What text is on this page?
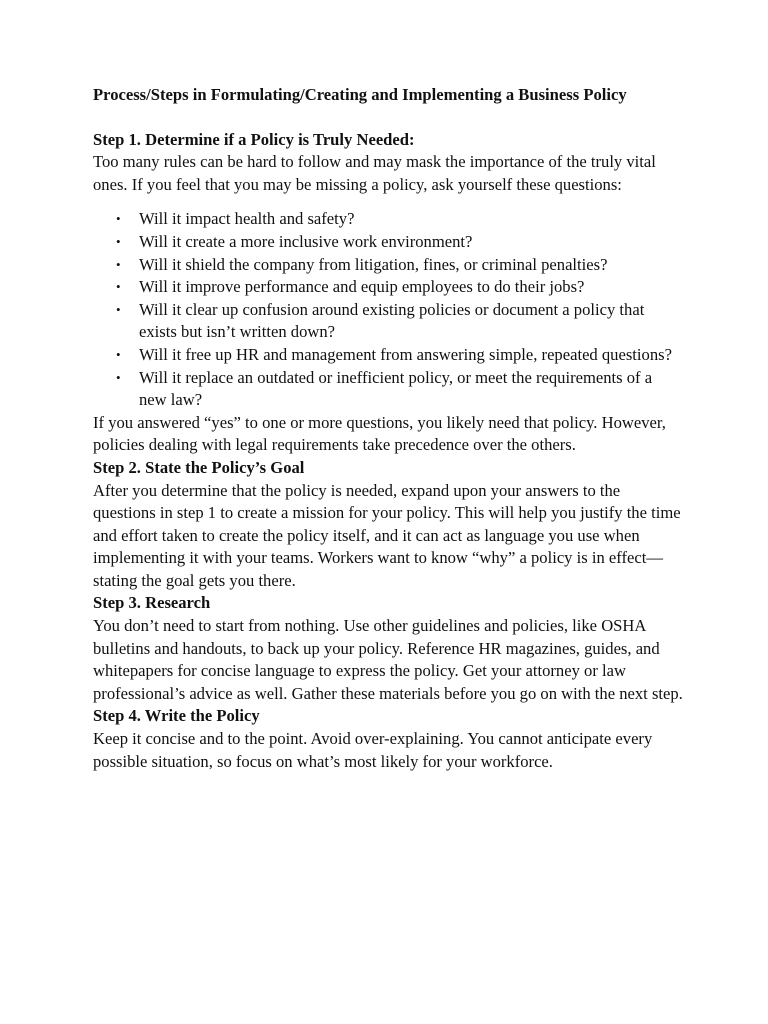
Process/Steps in Formulating/Creating and Implementing a Business Policy

Step 1. Determine if a Policy is Truly Needed:

Too many rules can be hard to follow and may mask the importance of the truly vital ones. If you feel that you may be missing a policy, ask yourself these questions:

• Will it impact health and safety?
• Will it create a more inclusive work environment?
• Will it shield the company from litigation, fines, or criminal penalties?
• Will it improve performance and equip employees to do their jobs?
• Will it clear up confusion around existing policies or document a policy that exists but isn’t written down?
• Will it free up HR and management from answering simple, repeated questions?
• Will it replace an outdated or inefficient policy, or meet the requirements of a new law?

If you answered “yes” to one or more questions, you likely need that policy. However, policies dealing with legal requirements take precedence over the others.

Step 2. State the Policy’s Goal

After you determine that the policy is needed, expand upon your answers to the questions in step 1 to create a mission for your policy. This will help you justify the time and effort taken to create the policy itself, and it can act as language you use when implementing it with your teams. Workers want to know “why” a policy is in effect—stating the goal gets you there.

Step 3. Research

You don’t need to start from nothing. Use other guidelines and policies, like OSHA bulletins and handouts, to back up your policy. Reference HR magazines, guides, and whitepapers for concise language to express the policy. Get your attorney or law professional’s advice as well. Gather these materials before you go on with the next step.

Step 4. Write the Policy

Keep it concise and to the point. Avoid over-explaining. You cannot anticipate every possible situation, so focus on what’s most likely for your workforce.
